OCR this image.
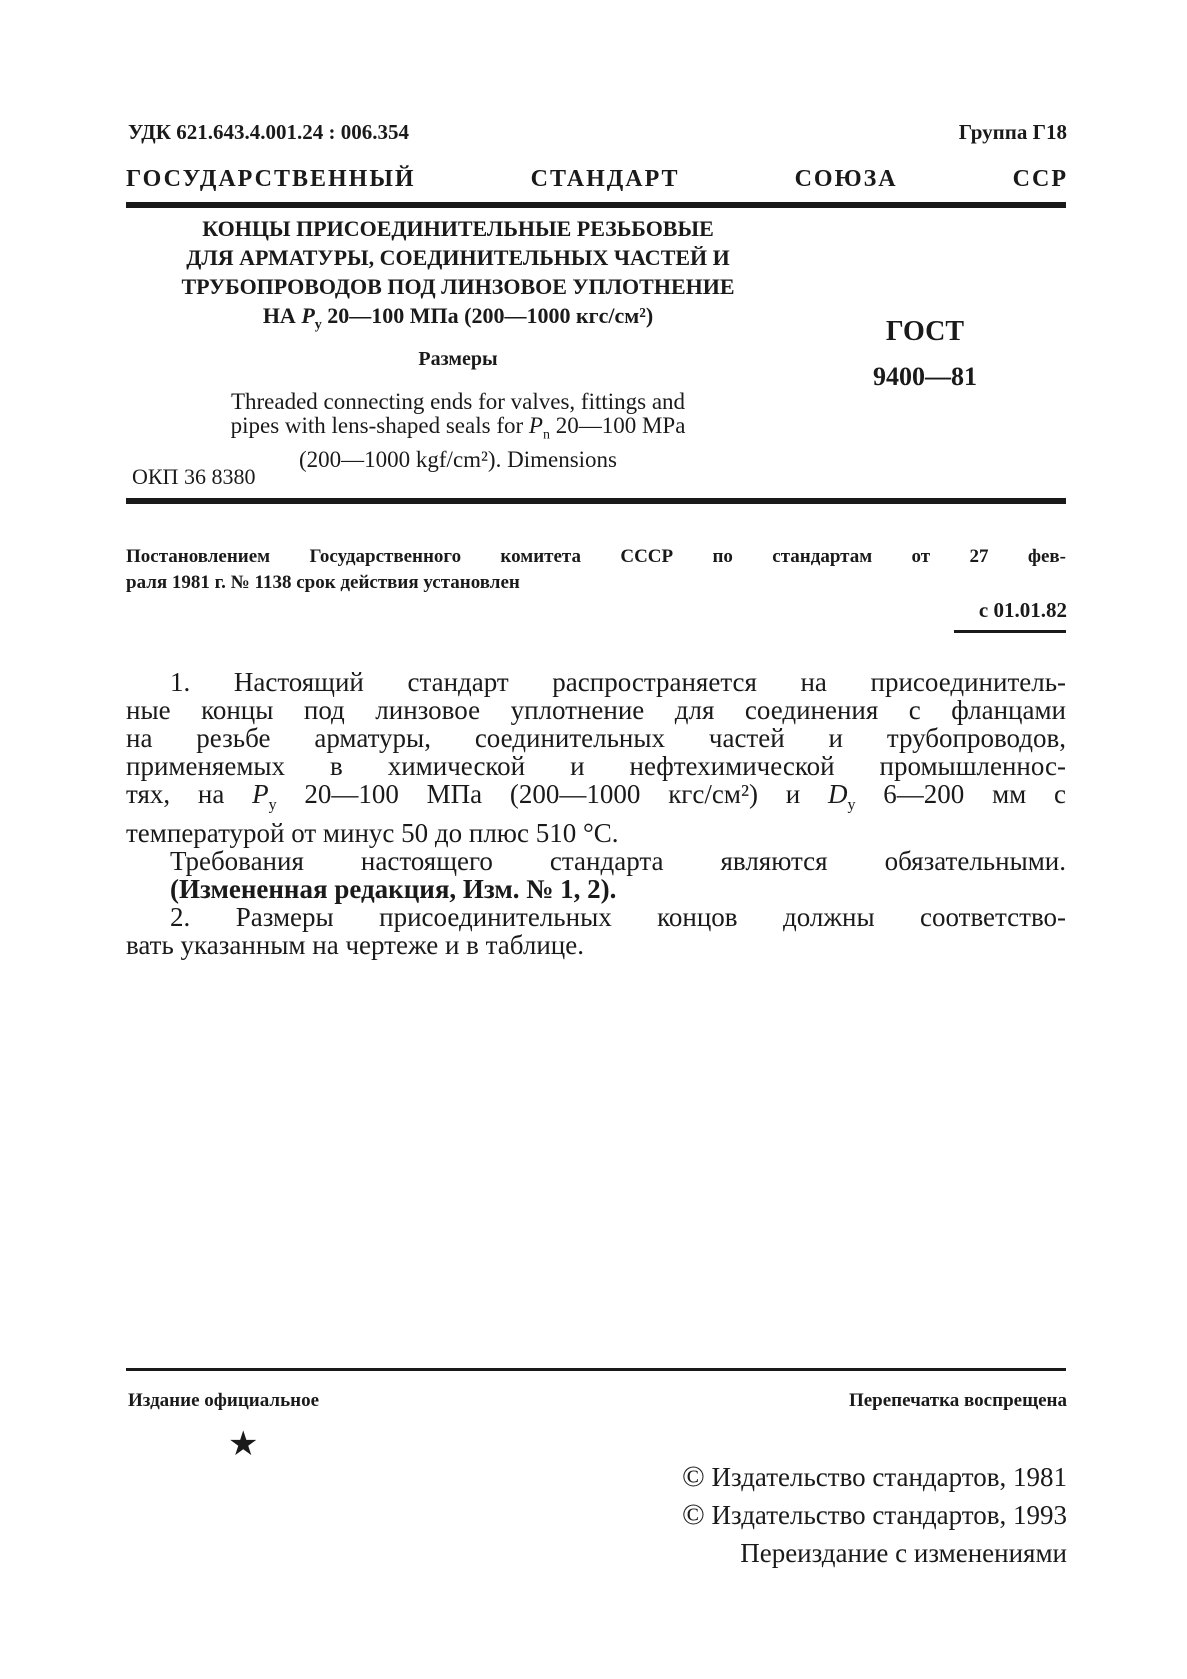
УДК 621.643.4.001.24 : 006.354	Группа Г18
ГОСУДАРСТВЕННЫЙ СТАНДАРТ СОЮЗА ССР
КОНЦЫ ПРИСОЕДИНИТЕЛЬНЫЕ РЕЗЬБОВЫЕ
ДЛЯ АРМАТУРЫ, СОЕДИНИТЕЛЬНЫХ ЧАСТЕЙ И
ТРУБОПРОВОДОВ ПОД ЛИНЗОВОЕ УПЛОТНЕНИЕ
НА $P_у$ 20—100 МПа (200—1000 кгс/см²)
Размеры
Threaded connecting ends for valves, fittings and
pipes with lens-shaped seals for $P_n$ 20—100 MPa
(200—1000 kgf/cm²). Dimensions
ОКП 36 8380
ГОСТ
9400—81
Постановлением Государственного комитета СССР по стандартам от 27 фев-
раля 1981 г. № 1138 срок действия установлен
с 01.01.82
1. Настоящий стандарт распространяется на присоединитель-
ные концы под линзовое уплотнение для соединения с фланцами
на резьбе арматуры, соединительных частей и трубопроводов,
применяемых в химической и нефтехимической промышленнос-
тях, на $P_у$ 20—100 МПа (200—1000 кгс/см²) и $D_у$ 6—200 мм с
температурой от минус 50 до плюс 510 °С.
Требования настоящего стандарта являются обязательными.
(Измененная редакция, Изм. № 1, 2).
2. Размеры присоединительных концов должны соответство-
вать указанным на чертеже и в таблице.
Издание официальное	Перепечатка воспрещена
★
© Издательство стандартов, 1981
© Издательство стандартов, 1993
Переиздание с изменениями
